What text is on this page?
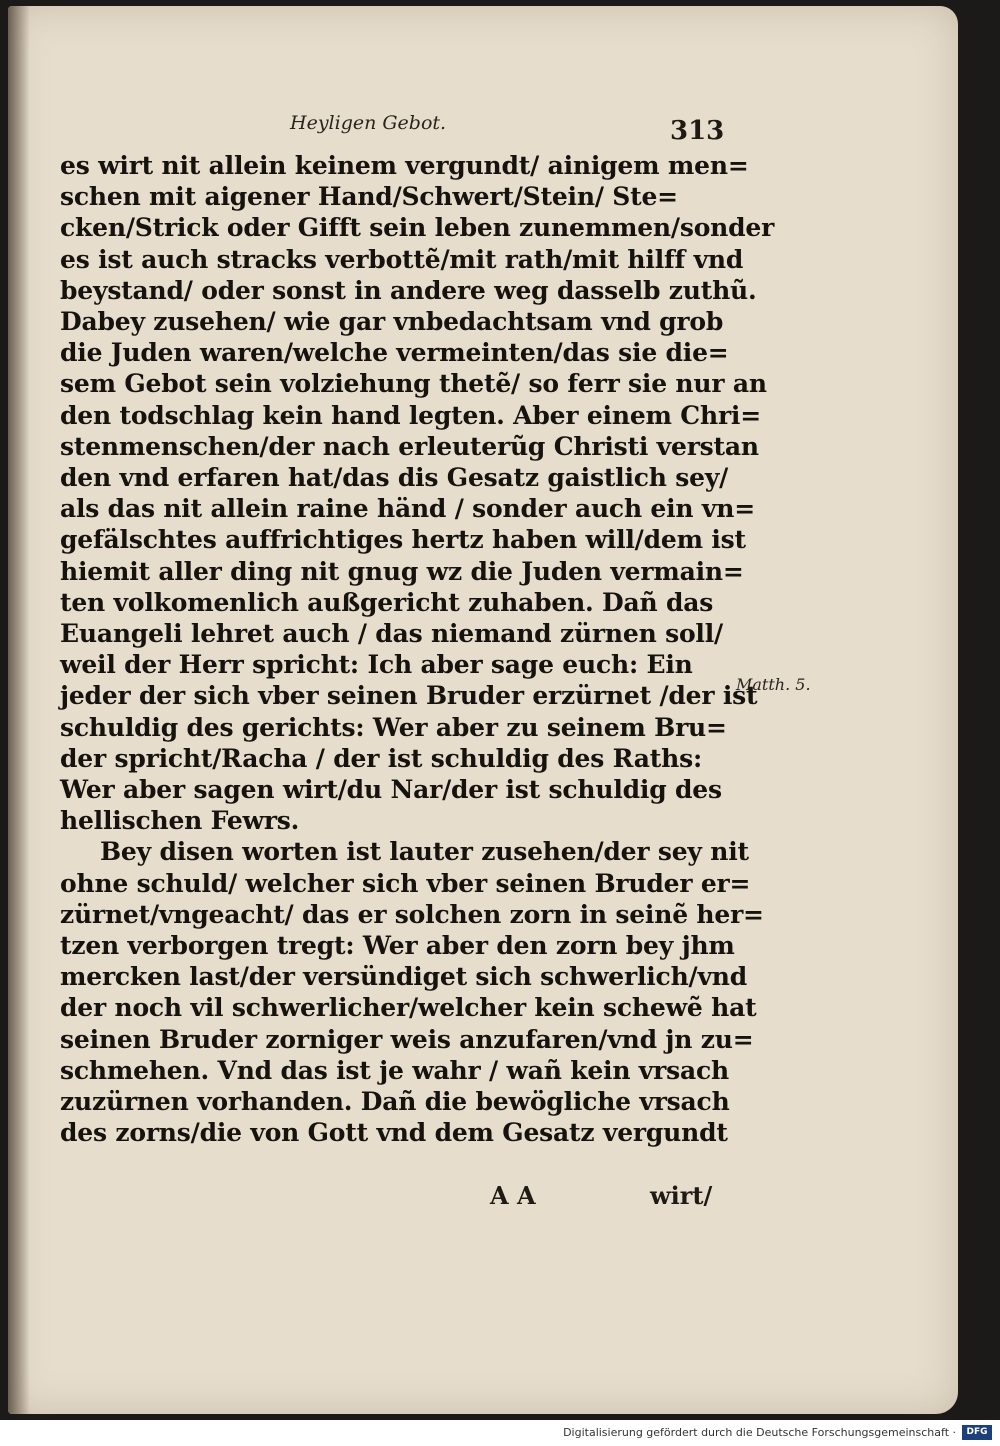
Heyligen Gebot.	313
es wirt nit allein keinem vergundt/ ainigem men=
schen mit aigener Hand/Schwert/Stein/ Ste=
cken/Strick oder Gifft sein leben zunemmen/sonder
es ist auch stracks verbottẽ/mit rath/mit hilff vnd
beystand/ oder sonst in andere weg dasselb zuthũ.
Dabey zusehen/ wie gar vnbedachtsam vnd grob
die Juden waren/welche vermeinten/das sie die=
sem Gebot sein volziehung thetẽ/ so ferr sie nur an
den todschlag kein hand legten. Aber einem Chri=
stenmenschen/der nach erleuterũg Christi verstan
den vnd erfaren hat/das dis Gesatz gaistlich sey/
als das nit allein raine händ / sonder auch ein vn=
gefälschtes auffrichtiges hertz haben will/dem ist
hiemit aller ding nit gnug wz die Juden vermain=
ten volkomenlich außgericht zuhaben. Dañ das
Euangeli lehret auch / das niemand zürnen soll/
weil der Herr spricht: Ich aber sage euch: Ein
jeder der sich vber seinen Bruder erzürnet /der ist
schuldig des gerichts: Wer aber zu seinem Bru=
der spricht/Racha / der ist schuldig des Raths:
Wer aber sagen wirt/du Nar/der ist schuldig des
hellischen Fewrs.
Bey disen worten ist lauter zusehen/der sey nit
ohne schuld/ welcher sich vber seinen Bruder er=
zürnet/vngeacht/ das er solchen zorn in seinẽ her=
tzen verborgen tregt: Wer aber den zorn bey jhm
mercken last/der versündiget sich schwerlich/vnd
der noch vil schwerlicher/welcher kein schewẽ hat
seinen Bruder zorniger weis anzufaren/vnd jn zu=
schmehen. Vnd das ist je wahr / wañ kein vrsach
zuzürnen vorhanden. Dañ die bewögliche vrsach
des zorns/die von Gott vnd dem Gesatz vergundt
Matth. 5.
A A	wirt/
Digitalisierung gefördert durch die Deutsche Forschungsgemeinschaft ·	DFG
